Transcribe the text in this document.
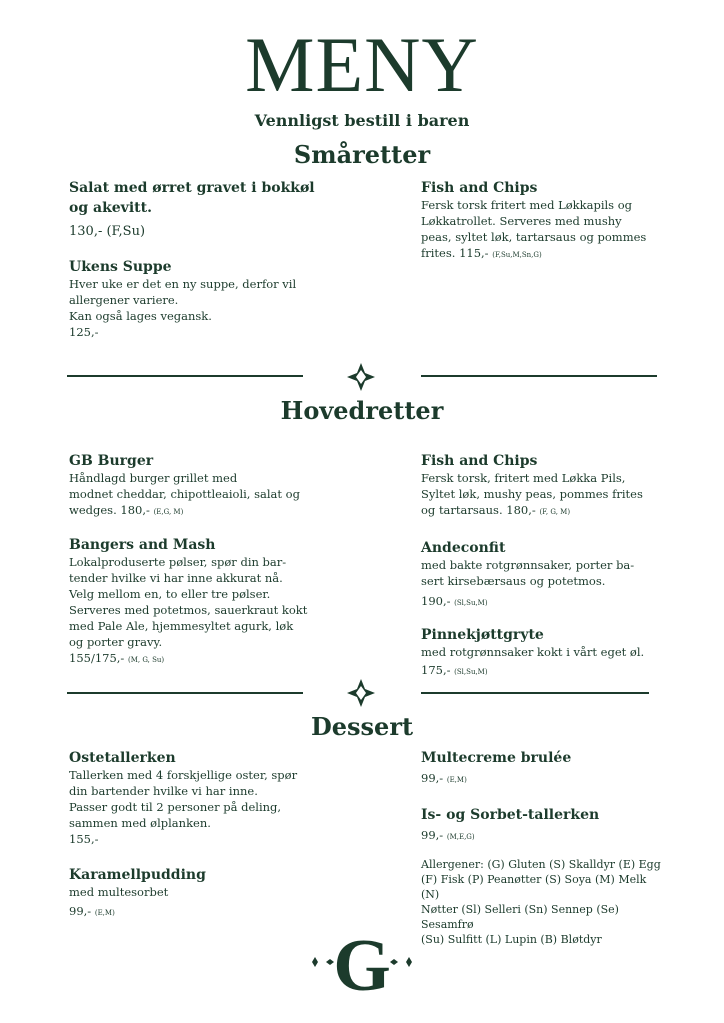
MENY
Vennligst bestill i baren
Småretter
Salat med ørret gravet i bokkøl og akevitt.
130,- (F,Su)
Ukens Suppe
Hver uke er det en ny suppe, derfor vil
allergener variere.
Kan også lages vegansk.
125,-
Fish and Chips
Fersk torsk fritert med Løkkapils og
Løkkatrollet. Serveres med mushy
peas, syltet løk, tartarsaus og pommes
frites. 115,- (F,Su,M,Sn,G)
Hovedretter
GB Burger
Håndlagd burger grillet med
modnet cheddar, chipottleaioli, salat og
wedges. 180,- (E,G, M)
Bangers and Mash
Lokalproduserte pølser, spør din bar-
tender hvilke vi har inne akkurat nå.
Velg mellom en, to eller tre pølser.
Serveres med potetmos, sauerkraut kokt
med Pale Ale, hjemmesyltet agurk, løk
og porter gravy.
155/175,- (M, G, Su)
Fish and Chips
Fersk torsk, fritert med Løkka Pils,
Syltet løk, mushy peas, pommes frites
og tartarsaus. 180,- (F, G, M)
Andeconfit
med bakte rotgrønnsaker, porter ba-
sert kirsebærsaus og potetmos.
190,- (Sl,Su,M)
Pinnekjøttgryte
med rotgrønnsaker kokt i vårt eget øl.
175,- (Sl,Su,M)
Dessert
Ostetallerken
Tallerken med 4 forskjellige oster, spør
din bartender hvilke vi har inne.
Passer godt til 2 personer på deling,
sammen med ølplanken.
155,-
Karamellpudding
med multesorbet
99,- (E,M)
Multecreme brulée
99,- (E,M)
Is- og Sorbet-tallerken
99,- (M,E,G)
Allergener: (G) Gluten (S) Skalldyr (E) Egg
(F) Fisk (P) Peanøtter (S) Soya (M) Melk (N)
Nøtter (Sl) Selleri (Sn) Sennep (Se) Sesamfrø
(Su) Sulfitt (L) Lupin (B) Bløtdyr
G
